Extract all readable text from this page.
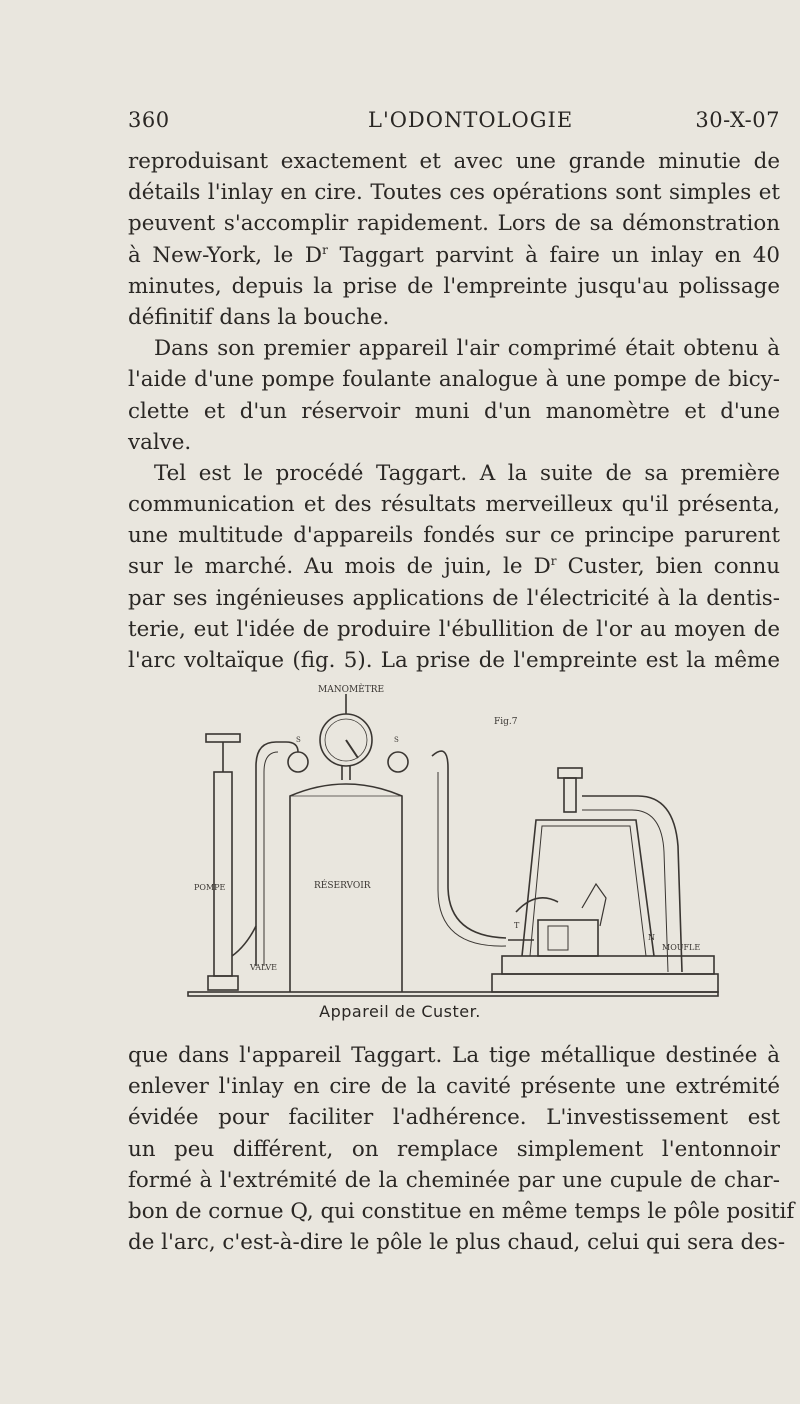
360	L'ODONTOLOGIE	30-X-07
reproduisant exactement et avec une grande minutie de
détails l'inlay en cire. Toutes ces opérations sont simples et
peuvent s'accomplir rapidement. Lors de sa démonstration
à New-York, le $D^r$ Taggart parvint à faire un inlay en 40
minutes, depuis la prise de l'empreinte jusqu'au polissage
définitif dans la bouche.
Dans son premier appareil l'air comprimé était obtenu à
l'aide d'une pompe foulante analogue à une pompe de bicy-
clette et d'un réservoir muni d'un manomètre et d'une
valve.
Tel est le procédé Taggart. A la suite de sa première
communication et des résultats merveilleux qu'il présenta,
une multitude d'appareils fondés sur ce principe parurent
sur le marché. Au mois de juin, le $D^r$ Custer, bien connu
par ses ingénieuses applications de l'électricité à la dentis-
terie, eut l'idée de produire l'ébullition de l'or au moyen de
l'arc voltaïque (fig. 5). La prise de l'empreinte est la même
MANOMÈTRE
Fig.7
RÉSERVOIR
S	S
POMPE
VALVE
T
N
MOUFLE
Appareil de Custer.
que dans l'appareil Taggart. La tige métallique destinée à
enlever l'inlay en cire de la cavité présente une extrémité
évidée pour faciliter l'adhérence. L'investissement est
un peu différent, on remplace simplement l'entonnoir
formé à l'extrémité de la cheminée par une cupule de char-
bon de cornue Q, qui constitue en même temps le pôle positif
de l'arc, c'est-à-dire le pôle le plus chaud, celui qui sera des-
